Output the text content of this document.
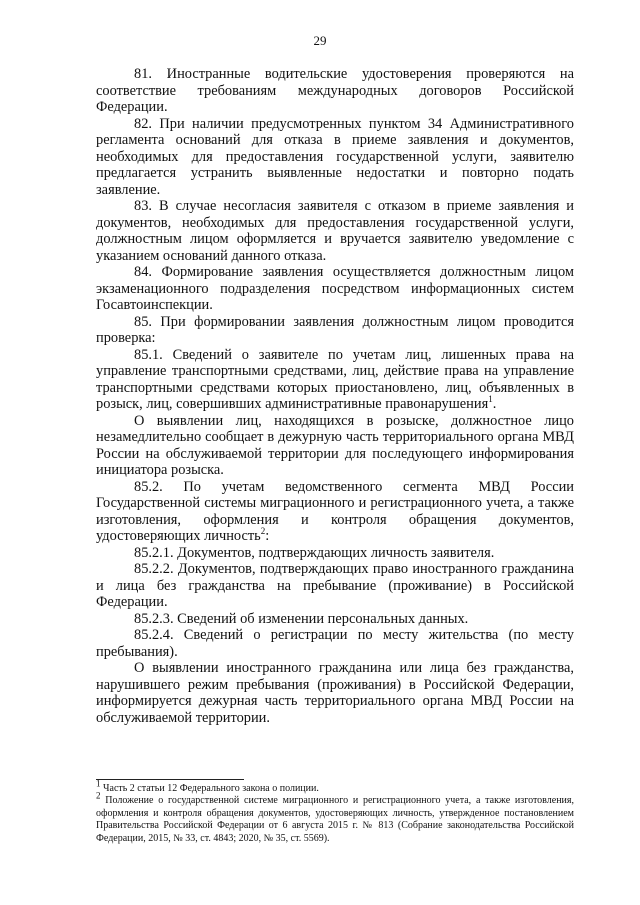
29

81. Иностранные водительские удостоверения проверяются на соответствие требованиям международных договоров Российской Федерации.

82. При наличии предусмотренных пунктом 34 Административного регламента оснований для отказа в приеме заявления и документов, необходимых для предоставления государственной услуги, заявителю предлагается устранить выявленные недостатки и повторно подать заявление.

83. В случае несогласия заявителя с отказом в приеме заявления и документов, необходимых для предоставления государственной услуги, должностным лицом оформляется и вручается заявителю уведомление с указанием оснований данного отказа.

84. Формирование заявления осуществляется должностным лицом экзаменационного подразделения посредством информационных систем Госавтоинспекции.

85. При формировании заявления должностным лицом проводится проверка:

85.1. Сведений о заявителе по учетам лиц, лишенных права на управление транспортными средствами, лиц, действие права на управление транспортными средствами которых приостановлено, лиц, объявленных в розыск, лиц, совершивших административные правонарушения$^1$.

О выявлении лиц, находящихся в розыске, должностное лицо незамедлительно сообщает в дежурную часть территориального органа МВД России на обслуживаемой территории для последующего информирования инициатора розыска.

85.2. По учетам ведомственного сегмента МВД России Государственной системы миграционного и регистрационного учета, а также изготовления, оформления и контроля обращения документов, удостоверяющих личность$^2$:

85.2.1. Документов, подтверждающих личность заявителя.

85.2.2. Документов, подтверждающих право иностранного гражданина и лица без гражданства на пребывание (проживание) в Российской Федерации.

85.2.3. Сведений об изменении персональных данных.

85.2.4. Сведений о регистрации по месту жительства (по месту пребывания).

О выявлении иностранного гражданина или лица без гражданства, нарушившего режим пребывания (проживания) в Российской Федерации, информируется дежурная часть территориального органа МВД России на обслуживаемой территории.

$^1$ Часть 2 статьи 12 Федерального закона о полиции.

$^2$ Положение о государственной системе миграционного и регистрационного учета, а также изготовления, оформления и контроля обращения документов, удостоверяющих личность, утвержденное постановлением Правительства Российской Федерации от 6 августа 2015 г. № 813 (Собрание законодательства Российской Федерации, 2015, № 33, ст. 4843; 2020, № 35, ст. 5569).
